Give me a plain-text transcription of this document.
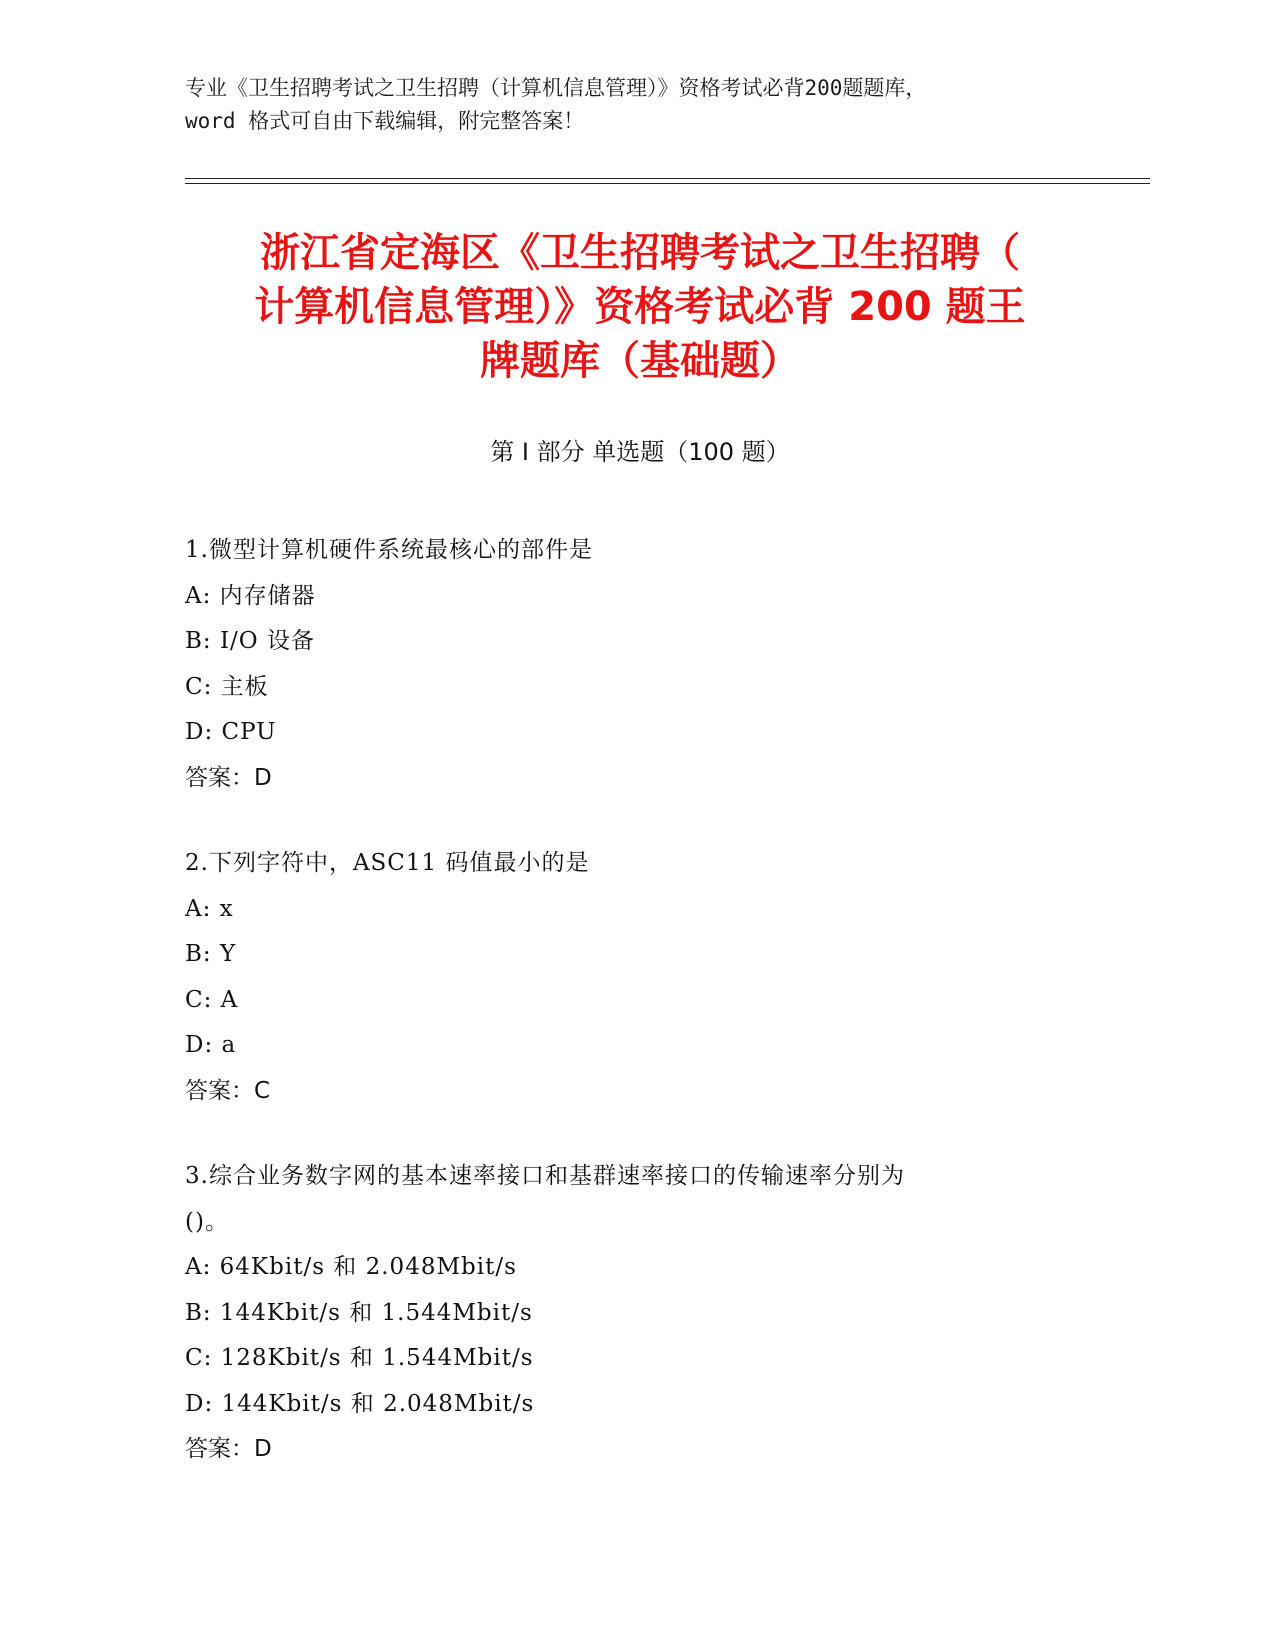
专业《卫生招聘考试之卫生招聘（计算机信息管理）》资格考试必背200题题库，
word 格式可自由下载编辑，附完整答案！
浙江省定海区《卫生招聘考试之卫生招聘（
计算机信息管理）》资格考试必背 200 题王
牌题库（基础题）
第 I 部分 单选题（100 题）
1.微型计算机硬件系统最核心的部件是
A: 内存储器
B: I/O 设备
C: 主板
D: CPU
答案：D
2.下列字符中，ASC11 码值最小的是
A: x
B: Y
C: A
D: a
答案：C
3.综合业务数字网的基本速率接口和基群速率接口的传输速率分别为
()。
A: 64Kbit/s 和 2.048Mbit/s
B: 144Kbit/s 和 1.544Mbit/s
C: 128Kbit/s 和 1.544Mbit/s
D: 144Kbit/s 和 2.048Mbit/s
答案：D
